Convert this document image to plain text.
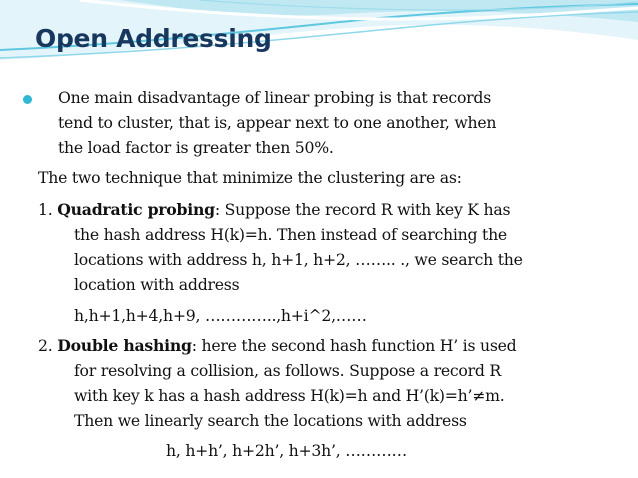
Open Addressing
One main disadvantage of linear probing is that records
tend to cluster, that is, appear next to one another, when
the load factor is greater then 50%.
The two technique that minimize the clustering are as:
1. Quadratic probing: Suppose the record R with key K has
the hash address H(k)=h. Then instead of searching the
locations with address h, h+1, h+2, …….. ., we search the
location with address
h,h+1,h+4,h+9, …………..,h+i^2,……
2. Double hashing: here the second hash function H’ is used
for resolving a collision, as follows. Suppose a record R
with key k has a hash address H(k)=h and H’(k)=h’≠m.
Then we linearly search the locations with address
h, h+h’, h+2h’, h+3h’, …………
